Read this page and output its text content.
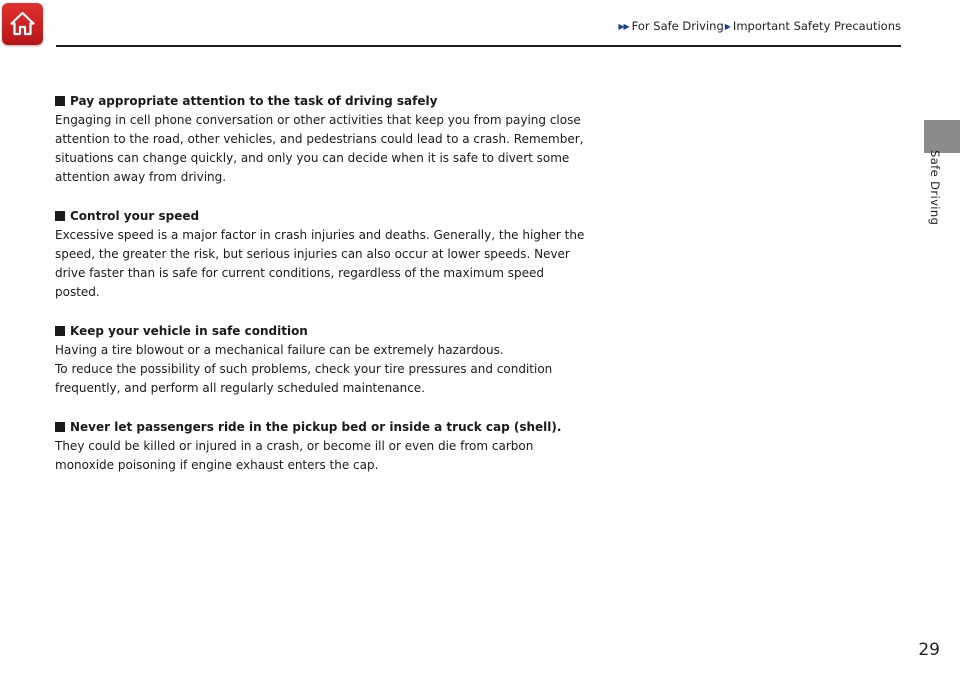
▶▶ For Safe Driving▶ Important Safety Precautions
Safe Driving
Pay appropriate attention to the task of driving safely

Engaging in cell phone conversation or other activities that keep you from paying close attention to the road, other vehicles, and pedestrians could lead to a crash. Remember, situations can change quickly, and only you can decide when it is safe to divert some attention away from driving.

Control your speed

Excessive speed is a major factor in crash injuries and deaths. Generally, the higher the speed, the greater the risk, but serious injuries can also occur at lower speeds. Never drive faster than is safe for current conditions, regardless of the maximum speed posted.

Keep your vehicle in safe condition

Having a tire blowout or a mechanical failure can be extremely hazardous.

To reduce the possibility of such problems, check your tire pressures and condition frequently, and perform all regularly scheduled maintenance.

Never let passengers ride in the pickup bed or inside a truck cap (shell).

They could be killed or injured in a crash, or become ill or even die from carbon monoxide poisoning if engine exhaust enters the cap.

29
